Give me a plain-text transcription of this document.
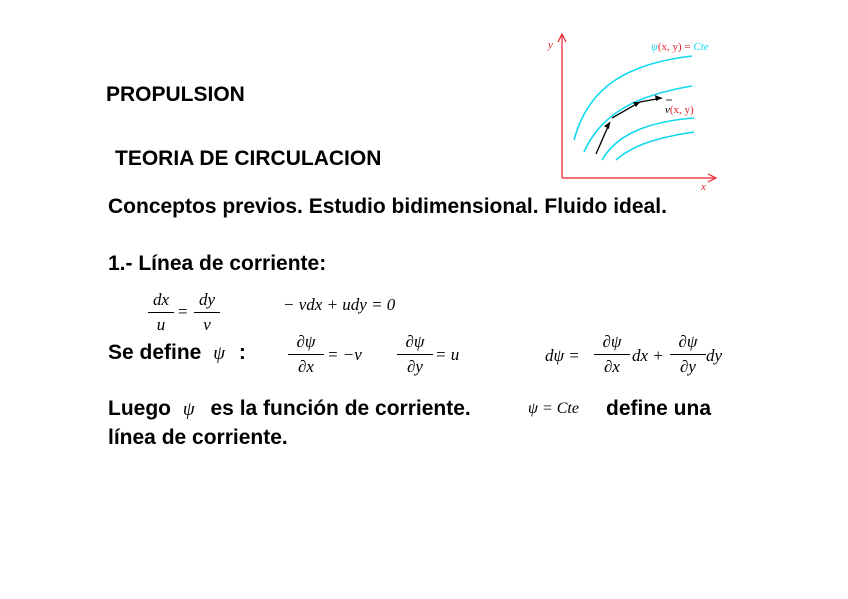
y
x
ψ(x, y) = Cte
v(x, y)
PROPULSION
TEORIA DE CIRCULACION
Conceptos previos. Estudio bidimensional. Fluido ideal.
1.- Línea de corriente:
dx
u
=
dy
v
− vdx + udy = 0
Se define ψ :	∂ψ
∂x
= −v
∂ψ
∂y
= u	dψ =
∂ψ
∂x
dx +
∂ψ
∂y
dy
Luego ψ es la función de corriente.	ψ = Cte define una
línea de corriente.
